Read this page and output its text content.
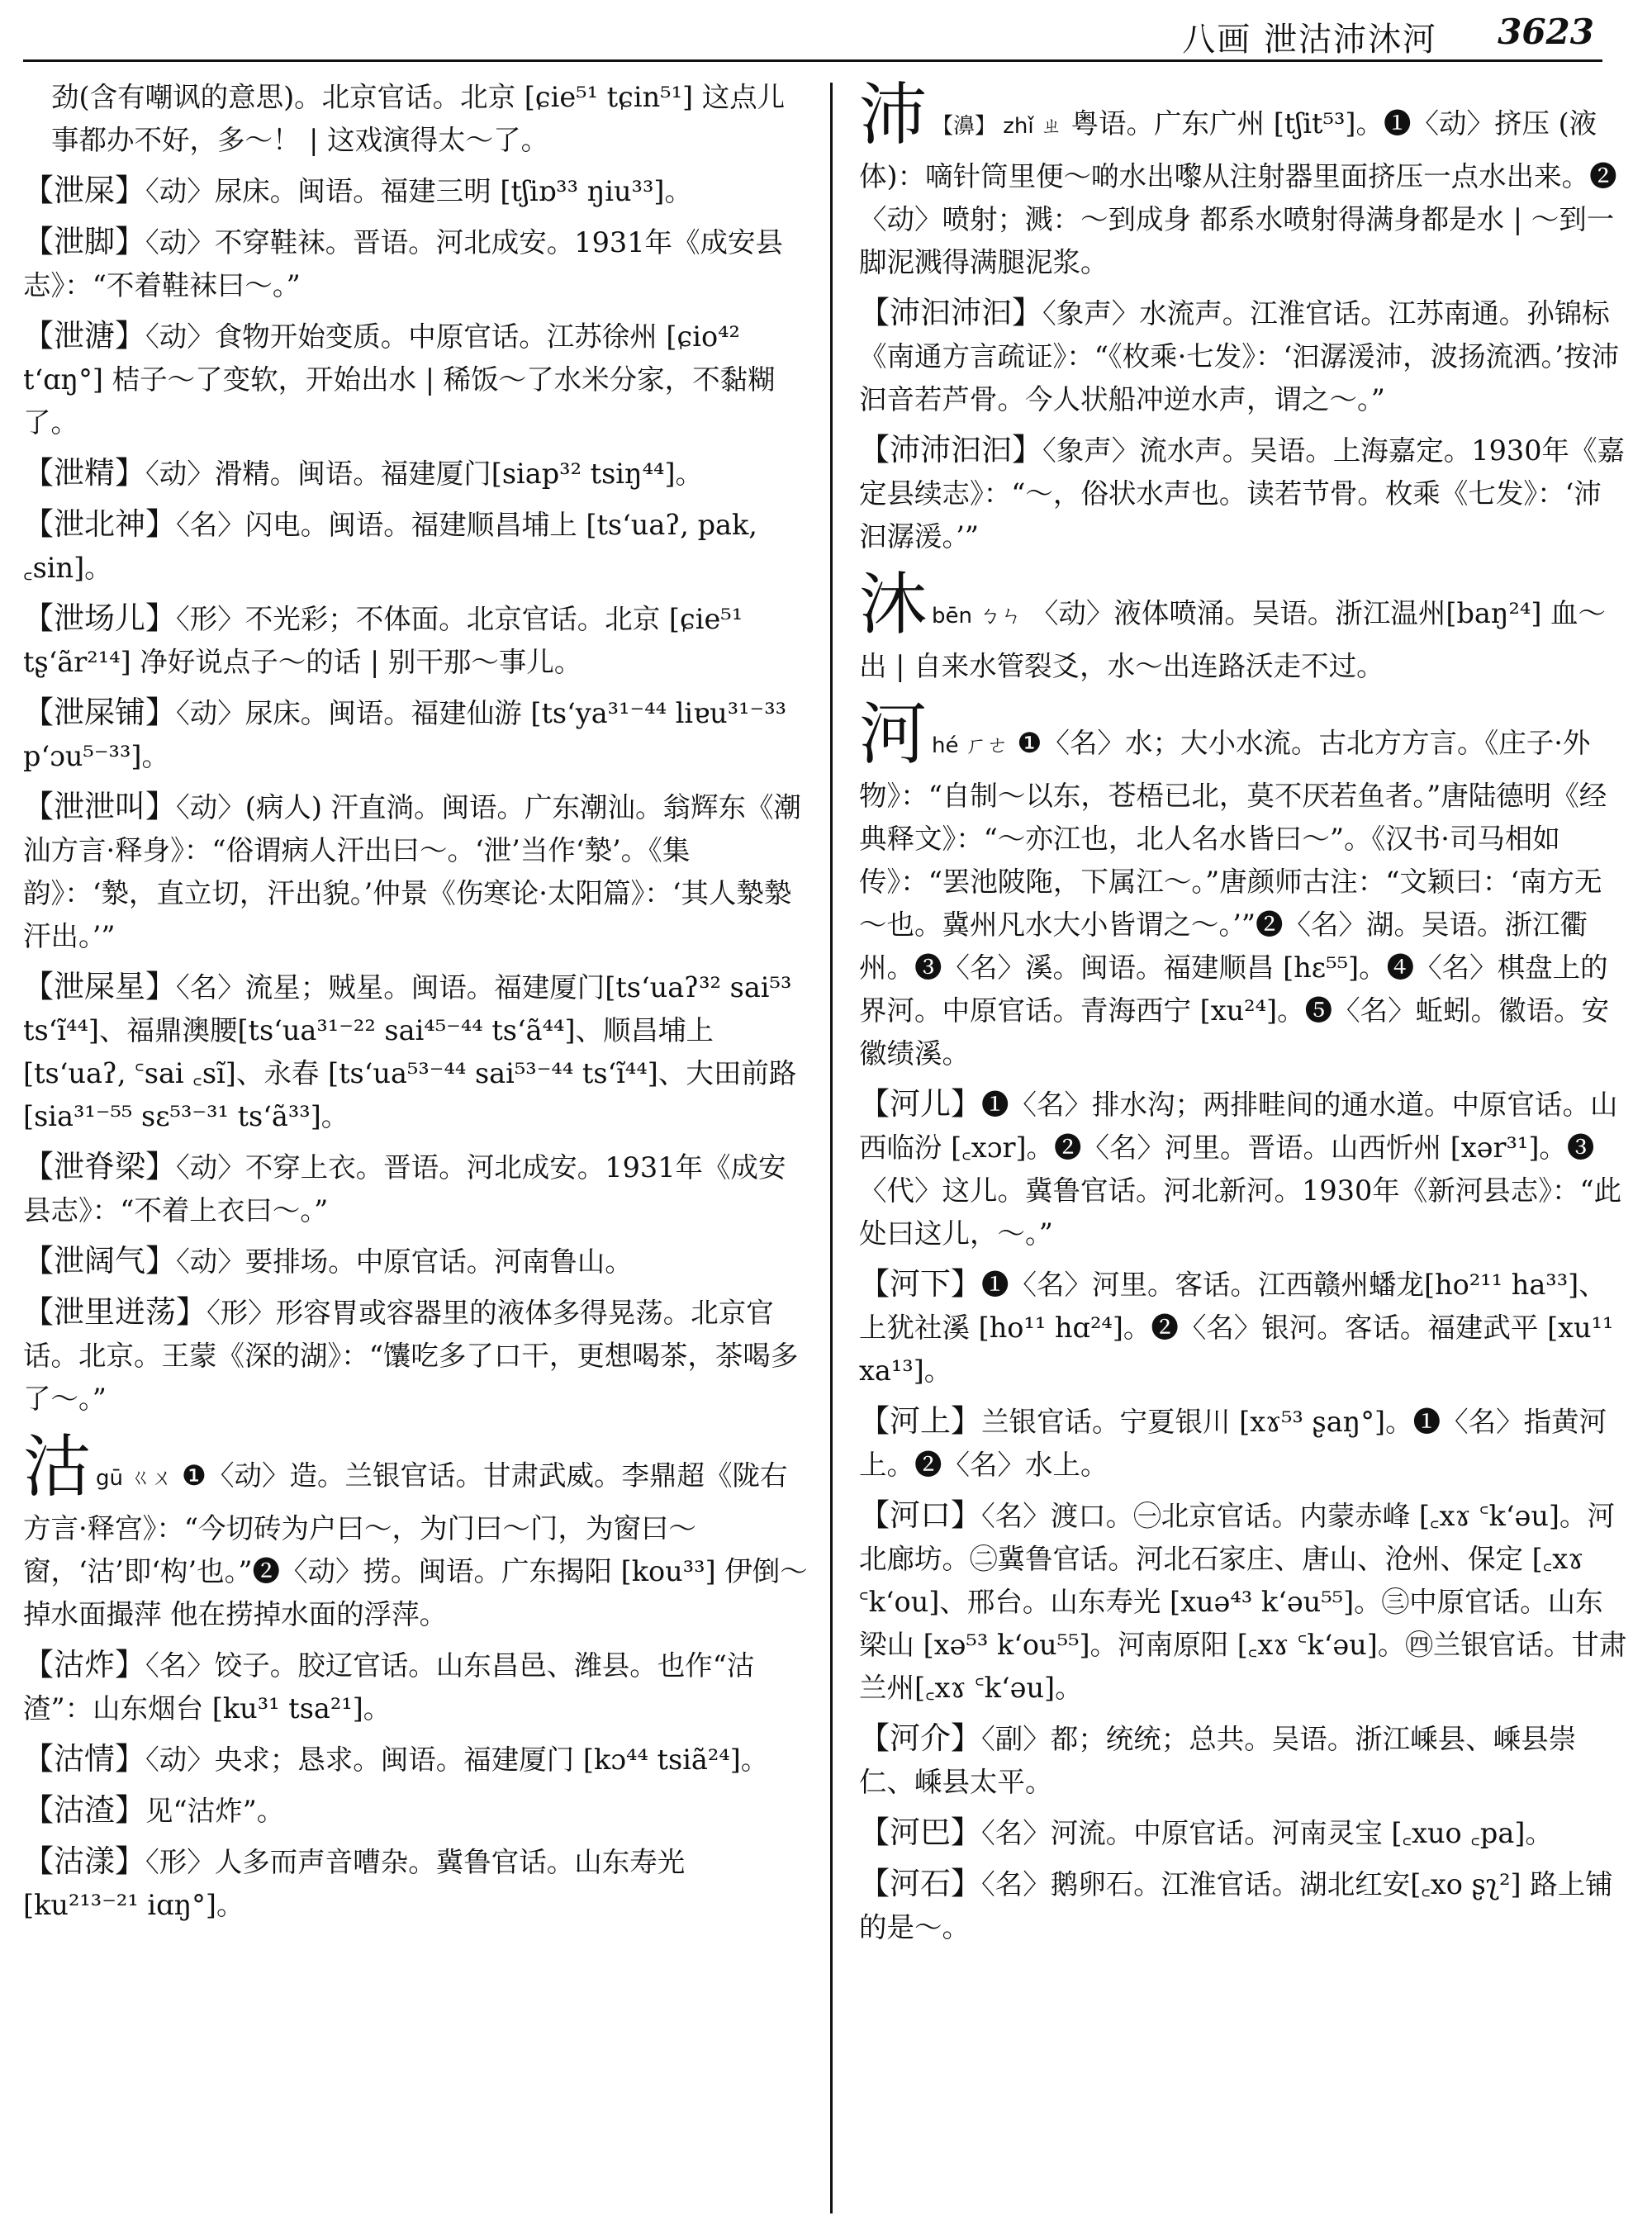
八画 泄沽沛沐河 3623

劲(含有嘲讽的意思)。北京官话。北京 [ɕie⁵¹ tɕin⁵¹] 这点儿事都办不好，多～！ | 这戏演得太～了。

【泄屎】〈动〉尿床。闽语。福建三明 [tʃiɒ³³ ŋiu³³]。

【泄脚】〈动〉不穿鞋袜。晋语。河北成安。1931年《成安县志》：“不着鞋袜曰～。”

【泄溏】〈动〉食物开始变质。中原官话。江苏徐州 [ɕio⁴² tʻɑŋ°] 桔子～了变软，开始出水 | 稀饭～了水米分家，不黏糊了。

【泄精】〈动〉滑精。闽语。福建厦门[siap³² tsiŋ⁴⁴]。

【泄北神】〈名〉闪电。闽语。福建顺昌埔上 [tsʻuaʔ, pak, ꜀sin]。

【泄场儿】〈形〉不光彩；不体面。北京官话。北京 [ɕie⁵¹ tʂʻãr²¹⁴] 净好说点子～的话 | 别干那～事儿。

【泄屎铺】〈动〉尿床。闽语。福建仙游 [tsʻya³¹⁻⁴⁴ liɐu³¹⁻³³ pʻɔu⁵⁻³³]。

【泄泄叫】〈动〉(病人) 汗直淌。闽语。广东潮汕。翁辉东《潮汕方言·释身》：“俗谓病人汗出曰～。‘泄’当作‘漐’。《集韵》：‘漐，直立切，汗出貌。’仲景《伤寒论·太阳篇》：‘其人漐漐汗出。’”

【泄屎星】〈名〉流星；贼星。闽语。福建厦门[tsʻuaʔ³² sai⁵³ tsʻĩ⁴⁴]、福鼎澳腰[tsʻua³¹⁻²² sai⁴⁵⁻⁴⁴ tsʻã⁴⁴]、顺昌埔上 [tsʻuaʔ, ꜂sai ꜀sĩ]、永春 [tsʻua⁵³⁻⁴⁴ sai⁵³⁻⁴⁴ tsʻĩ⁴⁴]、大田前路[sia³¹⁻⁵⁵ sɛ⁵³⁻³¹ tsʻã³³]。

【泄脊梁】〈动〉不穿上衣。晋语。河北成安。1931年《成安县志》：“不着上衣曰～。”

【泄阔气】〈动〉要排场。中原官话。河南鲁山。

【泄里迸荡】〈形〉形容胃或容器里的液体多得晃荡。北京官话。北京。王蒙《深的湖》：“馕吃多了口干，更想喝茶，茶喝多了～。”

沽gū ㄍㄨ ❶〈动〉造。兰银官话。甘肃武威。李鼎超《陇右方言·释宫》：“今切砖为户曰～，为门曰～门，为窗曰～窗，‘沽’即‘构’也。”❷〈动〉捞。闽语。广东揭阳 [kou³³] 伊倒～掉水面撮萍 他在捞掉水面的浮萍。

【沽炸】〈名〉饺子。胶辽官话。山东昌邑、潍县。也作“沽渣”：山东烟台 [ku³¹ tsa²¹]。

【沽情】〈动〉央求；恳求。闽语。福建厦门 [kɔ⁴⁴ tsiã²⁴]。

【沽渣】见“沽炸”。

【沽漾】〈形〉人多而声音嘈杂。冀鲁官话。山东寿光 [ku²¹³⁻²¹ iɑŋ°]。

沛 【濞】 zhǐ ㄓ 粤语。广东广州 [tʃit⁵³]。❶〈动〉挤压 (液体)：嘀针筒里便～啲水出嚟从注射器里面挤压一点水出来。❷〈动〉喷射；溅：～到成身 都系水喷射得满身都是水 | ～到一脚泥溅得满腿泥浆。

【沛汩沛汩】〈象声〉水流声。江淮官话。江苏南通。孙锦标《南通方言疏证》：“《枚乘·七发》：‘汩潺湲沛，波扬流洒。’按沛汩音若芦骨。今人状船冲逆水声，谓之～。”

【沛沛汩汩】〈象声〉流水声。吴语。上海嘉定。1930年《嘉定县续志》：“～，俗状水声也。读若节骨。枚乘《七发》：‘沛汩潺湲。’”

沐bēn ㄅㄣ 〈动〉液体喷涌。吴语。浙江温州[baŋ²⁴] 血～出 | 自来水管裂爻，水～出连路沃走不过。

河hé ㄏㄜ ❶〈名〉水；大小水流。古北方方言。《庄子·外物》：“自制～以东，苍梧已北，莫不厌若鱼者。”唐陆德明《经典释文》：“～亦江也，北人名水皆曰～”。《汉书·司马相如传》：“罢池陂陁，下属江～。”唐颜师古注：“文颖曰：‘南方无～也。冀州凡水大小皆谓之～。’”❷〈名〉湖。吴语。浙江衢州。❸〈名〉溪。闽语。福建顺昌 [hɛ⁵⁵]。❹〈名〉棋盘上的界河。中原官话。青海西宁 [xu²⁴]。❺〈名〉蚯蚓。徽语。安徽绩溪。

【河儿】❶〈名〉排水沟；两排畦间的通水道。中原官话。山西临汾 [꜀xɔr]。❷〈名〉河里。晋语。山西忻州 [xər³¹]。❸〈代〉这儿。冀鲁官话。河北新河。1930年《新河县志》：“此处曰这儿，～。”

【河下】❶〈名〉河里。客话。江西赣州蟠龙[ho²¹¹ ha³³]、上犹社溪 [ho¹¹ hɑ²⁴]。❷〈名〉银河。客话。福建武平 [xu¹¹ xa¹³]。

【河上】兰银官话。宁夏银川 [xɤ⁵³ ʂaŋ°]。❶〈名〉指黄河上。❷〈名〉水上。

【河口】〈名〉渡口。㊀北京官话。内蒙赤峰 [꜀xɤ ꜂kʻəu]。河北廊坊。㊁冀鲁官话。河北石家庄、唐山、沧州、保定 [꜀xɤ ꜂kʻou]、邢台。山东寿光 [xuə⁴³ kʻəu⁵⁵]。㊂中原官话。山东梁山 [xə⁵³ kʻou⁵⁵]。河南原阳 [꜀xɤ ꜂kʻəu]。㊃兰银官话。甘肃兰州[꜀xɤ ꜂kʻəu]。

【河介】〈副〉都；统统；总共。吴语。浙江嵊县、嵊县崇仁、嵊县太平。

【河巴】〈名〉河流。中原官话。河南灵宝 [꜀xuo ꜀pa]。

【河石】〈名〉鹅卵石。江淮官话。湖北红安[꜀xo ʂʅ²] 路上铺的是～。
